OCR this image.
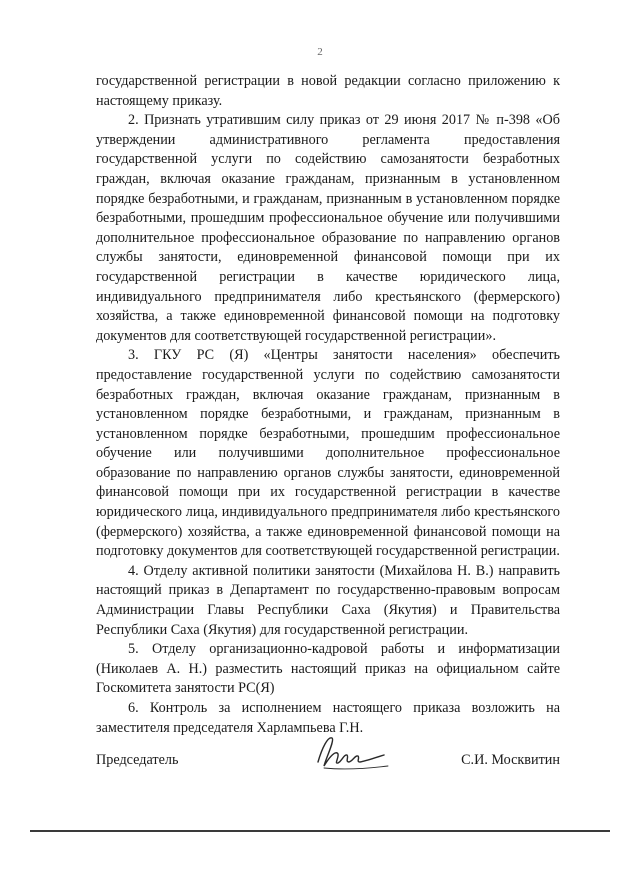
2

государственной регистрации в новой редакции согласно приложению к настоящему приказу.

2. Признать утратившим силу приказ от 29 июня 2017 № п-398 «Об утверждении административного регламента предоставления государственной услуги по содействию самозанятости безработных граждан, включая оказание гражданам, признанным в установленном порядке безработными, и гражданам, признанным в установленном порядке безработными, прошедшим профессиональное обучение или получившими дополнительное профессиональное образование по направлению органов службы занятости, единовременной финансовой помощи при их государственной регистрации в качестве юридического лица, индивидуального предпринимателя либо крестьянского (фермерского) хозяйства, а также единовременной финансовой помощи на подготовку документов для соответствующей государственной регистрации».

3. ГКУ РС (Я) «Центры занятости населения» обеспечить предоставление государственной услуги по содействию самозанятости безработных граждан, включая оказание гражданам, признанным в установленном порядке безработными, и гражданам, признанным в установленном порядке безработными, прошедшим профессиональное обучение или получившими дополнительное профессиональное образование по направлению органов службы занятости, единовременной финансовой помощи при их государственной регистрации в качестве юридического лица, индивидуального предпринимателя либо крестьянского (фермерского) хозяйства, а также единовременной финансовой помощи на подготовку документов для соответствующей государственной регистрации.

4. Отделу активной политики занятости (Михайлова Н. В.) направить настоящий приказ в Департамент по государственно-правовым вопросам Администрации Главы Республики Саха (Якутия) и Правительства Республики Саха (Якутия) для государственной регистрации.

5. Отделу организационно-кадровой работы и информатизации (Николаев А. Н.) разместить настоящий приказ на официальном сайте Госкомитета занятости РС(Я)

6. Контроль за исполнением настоящего приказа возложить на заместителя председателя Харлампьева Г.Н.

Председатель	С.И. Москвитин
